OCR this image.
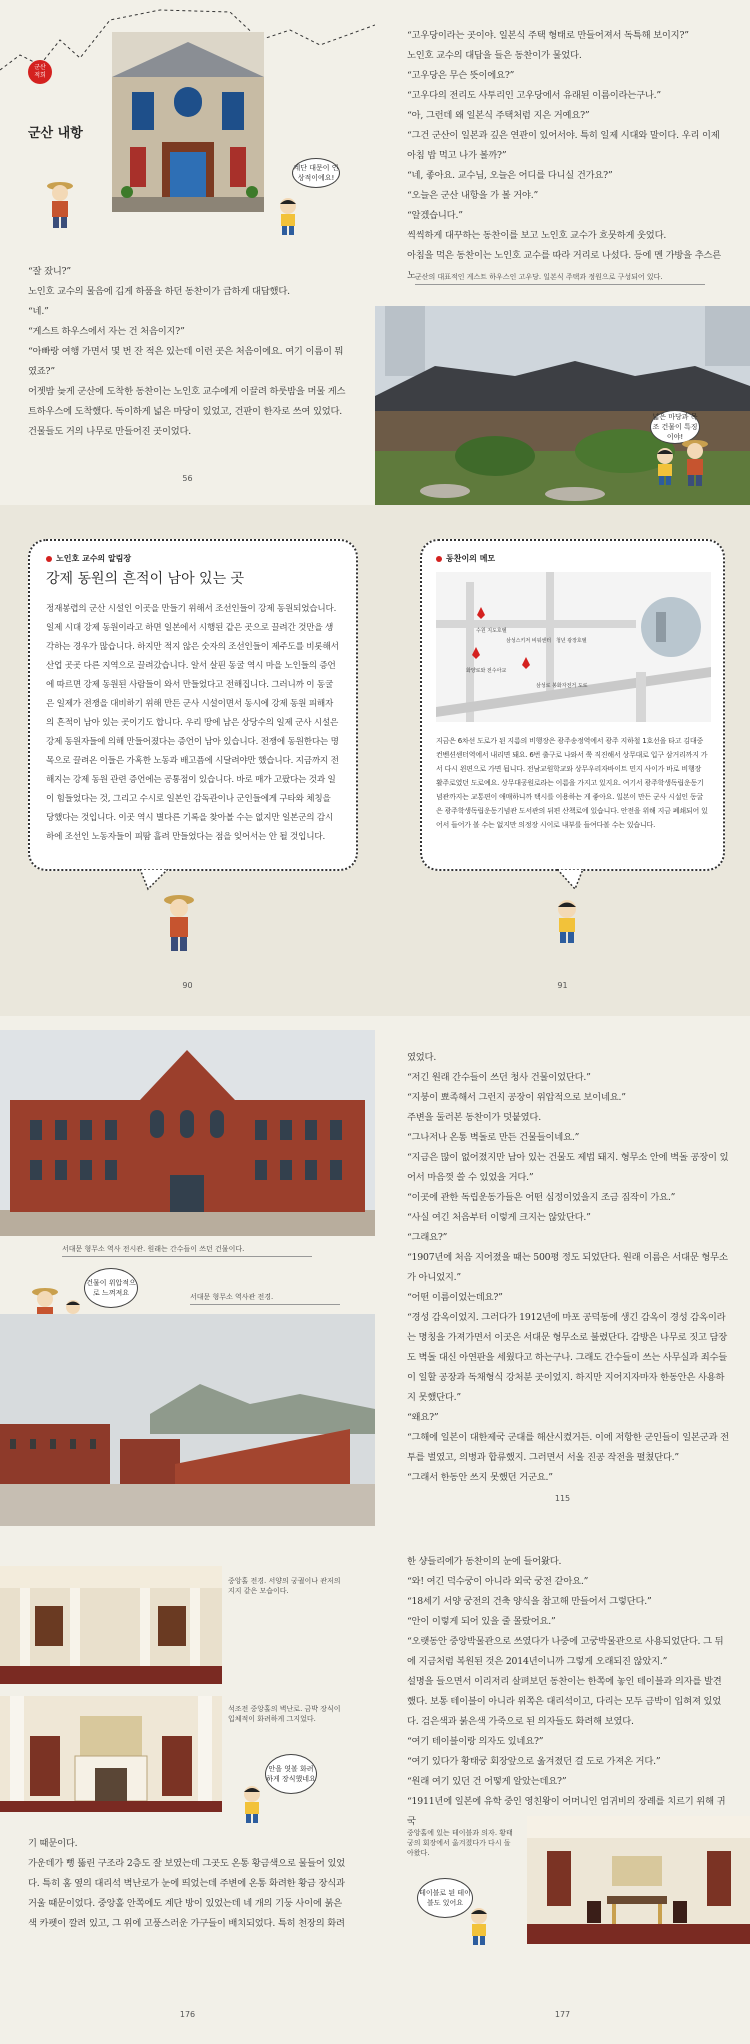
군산
적희
군산 내항
계단 대문이 인상적이에요!

“잘 잤니?”

노인호 교수의 물음에 깁게 하품을 하던 동찬이가 급하게 대답했다.

“네.”

“게스트 하우스에서 자는 건 처음이지?”

“아빠랑 여행 가면서 몇 번 잔 적은 있는데 이런 곳은 처음이에요. 여기 이름이 뭐였죠?”

어젯밤 늦게 군산에 도착한 동찬이는 노인호 교수에게 이끌려 하룻밤을 머물 게스트하우스에 도착했다. 독이하게 넓은 마당이 있었고, 건판이 한자로 쓰여 있었다. 건물들도 거의 나무로 만들어진 곳이었다.

56

“고우당이라는 곳이야. 일본식 주택 형태로 만들어져서 독특해 보이지?”

노인호 교수의 대답을 들은 동찬이가 물었다.

“고우당은 무슨 뜻이에요?”

“고우다의 전리도 사투리인 고우당에서 유래된 이름이라는구나.”

“아, 그런데 왜 일본식 주택처럼 지은 거예요?”

“그건 군산이 일본과 깊은 연관이 있어서야. 특히 일제 시대와 말이다. 우리 이제 아침 밥 먹고 나가 볼까?”

“네, 좋아요. 교수님, 오늘은 어디를 다니실 건가요?”

“오늘은 군산 내항을 가 볼 거야.”

“알겠습니다.”

씩씩하게 대꾸하는 동찬이를 보고 노인호 교수가 흐뭇하게 웃었다.

아침을 먹은 동찬이는 노인호 교수를 따라 거리로 나섰다. 등에 멘 가방을 추스른 노 군산의 대표적인 게스트 하우스인 고우당. 일본식 주택과 정원으로 구성되어 있다.
넓은 마당과 목조 건물이 특징이야!
노인호 교수의 알림장
강제 동원의 흔적이 남아 있는 곳
정재봉렵의 군산 시설인 이곳을 만들기 위해서 조선인들이 강제 동원되었습니다. 일제 시대 강제 동원이라고 하면 일본에서 시행된 같은 곳으로 끌려간 것만을 생각하는 경우가 많습니다. 하지만 적지 않은 숫자의 조선인들이 제주도를 비롯해서 산업 곳곳 다른 지역으로 끌려갔습니다. 알서 살핀 동굴 역시 마을 노인들의 증언에 따르면 강제 동원된 사람들이 와서 만들었다고 전해집니다. 그러니까 이 동굴은 일제가 전쟁을 대비하기 위해 만든 군사 시설이면서 동시에 강제 동원 피해자의 흔적이 남아 있는 곳이기도 합니다. 우리 땅에 남은 상당수의 일제 군사 시설은 강제 동원자들에 의해 만들어졌다는 증언이 남아 있습니다. 전쟁에 동원한다는 명목으로 끌려온 이들은 가혹한 노동과 배고픔에 시달려야만 했습니다. 지금까지 전해지는 강제 동원 관련 증언에는 공통점이 있습니다. 바로 매가 고팠다는 것과 일이 힘들었다는 것, 그리고 수시로 일본인 감독관이나 군인들에게 구타와 체칭을 당했다는 것입니다. 이곳 역시 별다른 기록을 찾아볼 수는 없지만 일본군의 감시 하에 조선인 노동자들이 피땀 흘려 만들었다는 점을 잊어서는 안 될 것입니다.
90
동찬이의 메모
수원 지도호텔
삼성스키저 비워센터 청년 광장호텔
화양로와 전수아교
삼성로 봉화자전거 도로
지금은 6차선 도로가 된 지름의 비행장은 광주송정역에서 광주 지하철 1호선을 타고 김대중컨벤션센터역에서 내리면 돼요. 6번 출구로 나와서 쭉 직진해서 상무대로 입구 삼거리까지 가서 다시 왼편으로 가면 됩니다. 전남교원학교와 상무우리자바이트 민지 사이가 바로 비행장 활주로였던 도로예요. 상무대공원로라는 이름을 가지고 있지요. 여기서 광주학생독립운동기념관까지는 교통편이 애매하니까 택시를 이용하는 게 좋아요. 일본이 만든 군사 시설인 동굴은 광주학생독립운동기념관 도서관의 뒤편 산책로에 있습니다. 안전을 위해 지금 폐쇄되어 있어서 들어가 볼 수는 없지만 의정장 시이로 내부를 들여다볼 수는 있습니다.
91
서대문 형무소 역사 전시관. 원래는 간수들이 쓰던 건물이다.
건물이 위압적으로 느껴져요	서대문 형무소 역사관 전경.

였었다.

“저긴 원래 간수들이 쓰던 청사 건물이었단다.”

“지붕이 뾰족해서 그런지 공장이 위압적으로 보이네요.”

주변을 둘러본 동찬이가 덧붙였다.

“그나저나 온통 벽돌로 만든 건물들이네요.”

“지금은 많이 없어졌지만 남아 있는 건물도 제법 돼지. 형무소 안에 벽돌 공장이 있어서 마음껏 쓸 수 있었을 거다.”

“이곳에 관한 독립운동가들은 어떤 심정이었을지 조금 짐작이 가요.”

“사실 여긴 처음부터 이렇게 크지는 않았단다.”

“그래요?”

“1907년에 처음 지어졌을 때는 500평 정도 되었단다. 원래 이름은 서대문 형무소가 아니었지.”

“어떤 이름이었는데요?”

“경성 감옥이었지. 그러다가 1912년에 마포 공덕동에 생긴 감옥이 경성 감옥이라는 명칭을 가져가면서 이곳은 서대문 형무소로 불렸단다. 감방은 나무로 짓고 담장도 벽돌 대신 아연판을 세웠다고 하는구나. 그래도 간수들이 쓰는 사무실과 죄수들이 일할 공장과 독채형식 강처분 곳이었지. 하지만 지어지자마자 한동안은 사용하지 못했단다.”

“왜요?”

“그해에 일본이 대한제국 군대를 해산시켰거든. 이에 저항한 군인들이 일본군과 전투를 벌였고, 의병과 합류했지. 그러면서 서울 진공 작전을 펼쳤단다.”

“그래서 한동안 쓰지 못했던 거군요.”

115
중앙홀 전경. 서양의 궁궐이나 관저의 지지 같은 모습이다.
석조전 중앙홀의 벽난로. 금박 장식이 입체적이 화려하게 그지었다.
안을 엿볼 화려하게 장식했네요

기 때문이다.

가운데가 뻥 뚫린 구조라 2층도 잘 보였는데 그곳도 온통 황금색으로 물들어 있었다. 특히 홈 옆의 대리석 벽난로가 눈에 띄었는데 주변에 온통 화려한 황금 장식과 거울 때문이었다. 중앙홀 안쪽에도 계단 방이 있었는데 네 개의 기둥 사이에 붉은색 카펫이 깔려 있고, 그 위에 고풍스러운 가구들이 배치되었다. 특히 천장의 화려

176

한 샹들리에가 동찬이의 눈에 들어왔다.

“와! 여긴 덕수궁이 아니라 외국 궁전 같아요.”

“18세기 서양 궁전의 건축 양식을 참고해 만들어서 그렇단다.”

“안이 이렇게 되어 있을 줄 몰랐어요.”

“오랫동안 중앙박물관으로 쓰였다가 나중에 고궁박물관으로 사용되었단다. 그 뒤에 지금처럼 복원된 것은 2014년이니까 그렇게 오래되진 않았지.”

설명을 들으면서 이리저리 살펴보던 동찬이는 한쪽에 놓인 테이블과 의자를 발견했다. 보통 테이블이 아니라 위쪽은 대리석이고, 다리는 모두 금박이 입혀져 있었다. 검은색과 붉은색 가죽으로 된 의자들도 화려해 보였다.

“여기 테이블이랑 의자도 있네요?”

“여기 있다가 황태궁 회장앞으로 옮겨졌던 걸 도로 가져온 거다.”

“원래 여기 있던 건 어떻게 알았는데요?”

“1911년에 일본에 유학 중인 영친왕이 어머니인 엄귀비의 장례를 치르기 위해 귀국

중앙홀에 있는 테이블과 의자. 황태궁의 회장에서 옮겨졌다가 다시 돌아왔다.
테이블로 된 테이블도 있어요
177
